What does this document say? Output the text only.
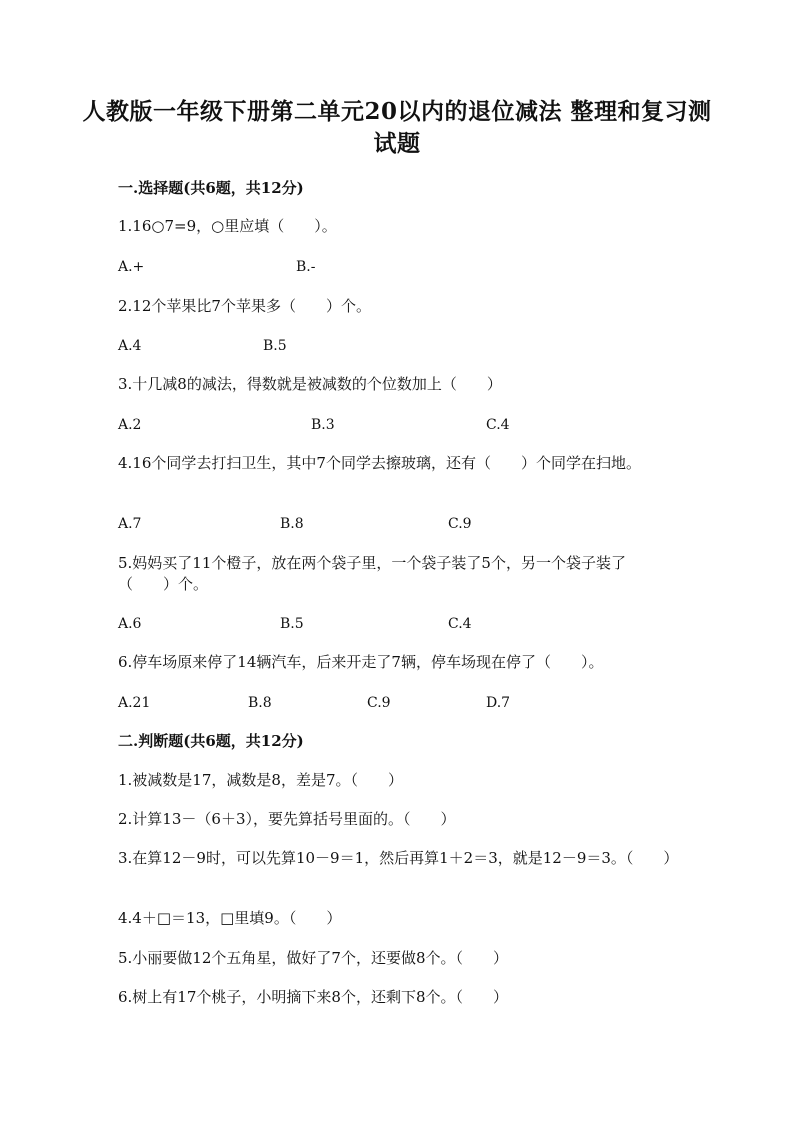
人教版一年级下册第二单元20以内的退位减法 整理和复习测试题
一.选择题(共6题，共12分)
1.16○7=9，○里应填（　　）。
A.+	B.-
2.12个苹果比7个苹果多（　　）个。
A.4	B.5
3.十几减8的减法，得数就是被减数的个位数加上（　　）
A.2	B.3	C.4
4.16个同学去打扫卫生，其中7个同学去擦玻璃，还有（　　）个同学在扫地。
A.7	B.8	C.9
5.妈妈买了11个橙子，放在两个袋子里，一个袋子装了5个，另一个袋子装了（　　）个。
A.6	B.5	C.4
6.停车场原来停了14辆汽车，后来开走了7辆，停车场现在停了（　　）。
A.21	B.8	C.9	D.7
二.判断题(共6题，共12分)
1.被减数是17，减数是8，差是7。（　　）
2.计算13－（6＋3），要先算括号里面的。（　　）
3.在算12－9时，可以先算10－9＝1，然后再算1＋2＝3，就是12－9＝3。（　　）
4.4＋□＝13，□里填9。（　　）
5.小丽要做12个五角星，做好了7个，还要做8个。（　　）
6.树上有17个桃子，小明摘下来8个，还剩下8个。（　　）
